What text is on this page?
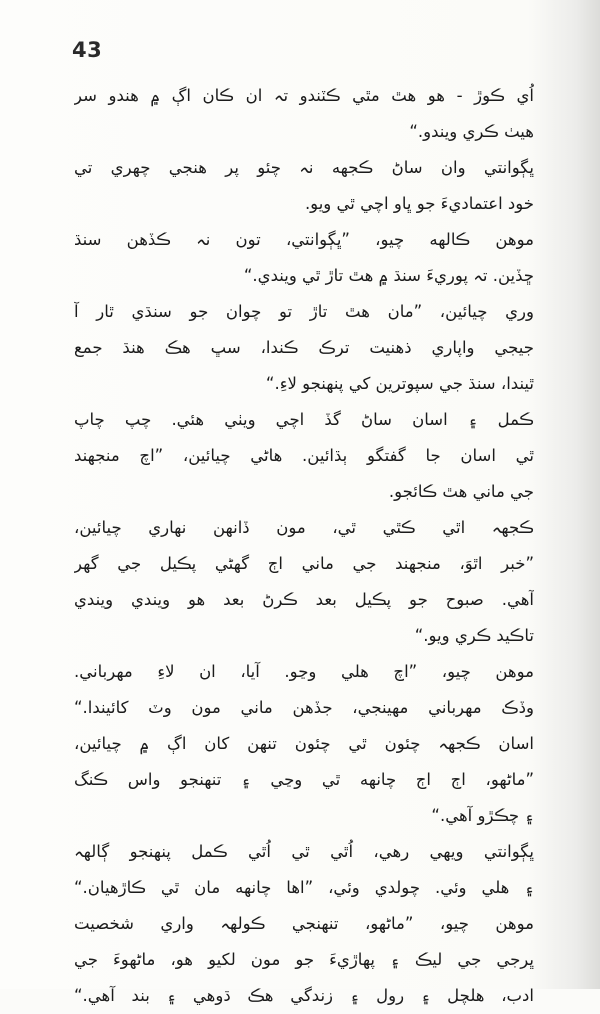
43
اُي ڪوڙ - هو هٿ مٿي ڪٽندو تہ ان ڪان اڳ ۾ هندو سر
هيٺ ڪري ويندو.“
ڀڳوانتي وان ساڻ ڪجهه نہ چئو پر هنجي چهري تي
خود اعتماديءَ جو ڀاو اچي ٿي ويو.
موهن ڪالهه چيو، ”ڀڳوانتي، تون نہ ڪڏهن سنڌ
ڇڏين. تہ پوريءَ سنڌ ۾ هٿ تاڙ ٿي ويندي.“
وري چيائين، ”مان هٿ تاڙ تو چوان جو سنڌي ٿار آ
جيجي واپاري ذهنيت ترڪ ڪندا، سڀ هڪ هنڌ جمع
ٿيندا، سنڌ جي سپوترين کي پنهنجو لاءِ.“
ڪمل ۽ اسان ساڻ گڏ اچي ويٺي هئي. چپ چاپ
ٿي اسان جا گفتگو ٻڌائين. هاڻي چيائين، ”اچ منجهند
جي ماني هٿ ڪائجو.
ڪجهہ اٿي ڪٿي ٿي، مون ڏانهن نهاري چيائين،
”خبر اٿوَ، منجهند جي ماني اڄ گهڻي پڪيل جي گهر
آهي. صبوح جو پڪيل بعد ڪرڻ بعد هو ويندي ويندي
تاڪيد ڪري ويو.“
موهن چيو، ”اچ هلي وڃو. آيا، ان لاءِ مهرباني.
وڏڪ مهرباني مهينجي، جڏهن ماني مون وٽ کائيندا.“
اسان ڪجهہ چئون ٿي چئون تنهن کان اڳ ۾ چيائين،
”ماڻهو، اڄ اڄ چانهه ٿي وڃي ۽ تنهنجو واس ڪنگ
۽ چڪڙو آهي.“
ڀڳوانتي ويهي رهي، اُٿي ٿي اُٿي ڪمل پنهنجو ڳالهہ
۽ هلي وئي. چولدي وئي، ”اها چانهه مان ٿي ڪاڙهيان.“
موهن چيو، ”ماڻهو، تنهنجي ڪولهہ واري شخصيت
ڀرجي جي ليڪ ۽ پهاڙيءَ جو مون لکيو هو، ماڻهوءَ جي
ادب، هلچل ۽ رول ۽ زندگي هڪ ڌوهي ۽ بند آهي.“
